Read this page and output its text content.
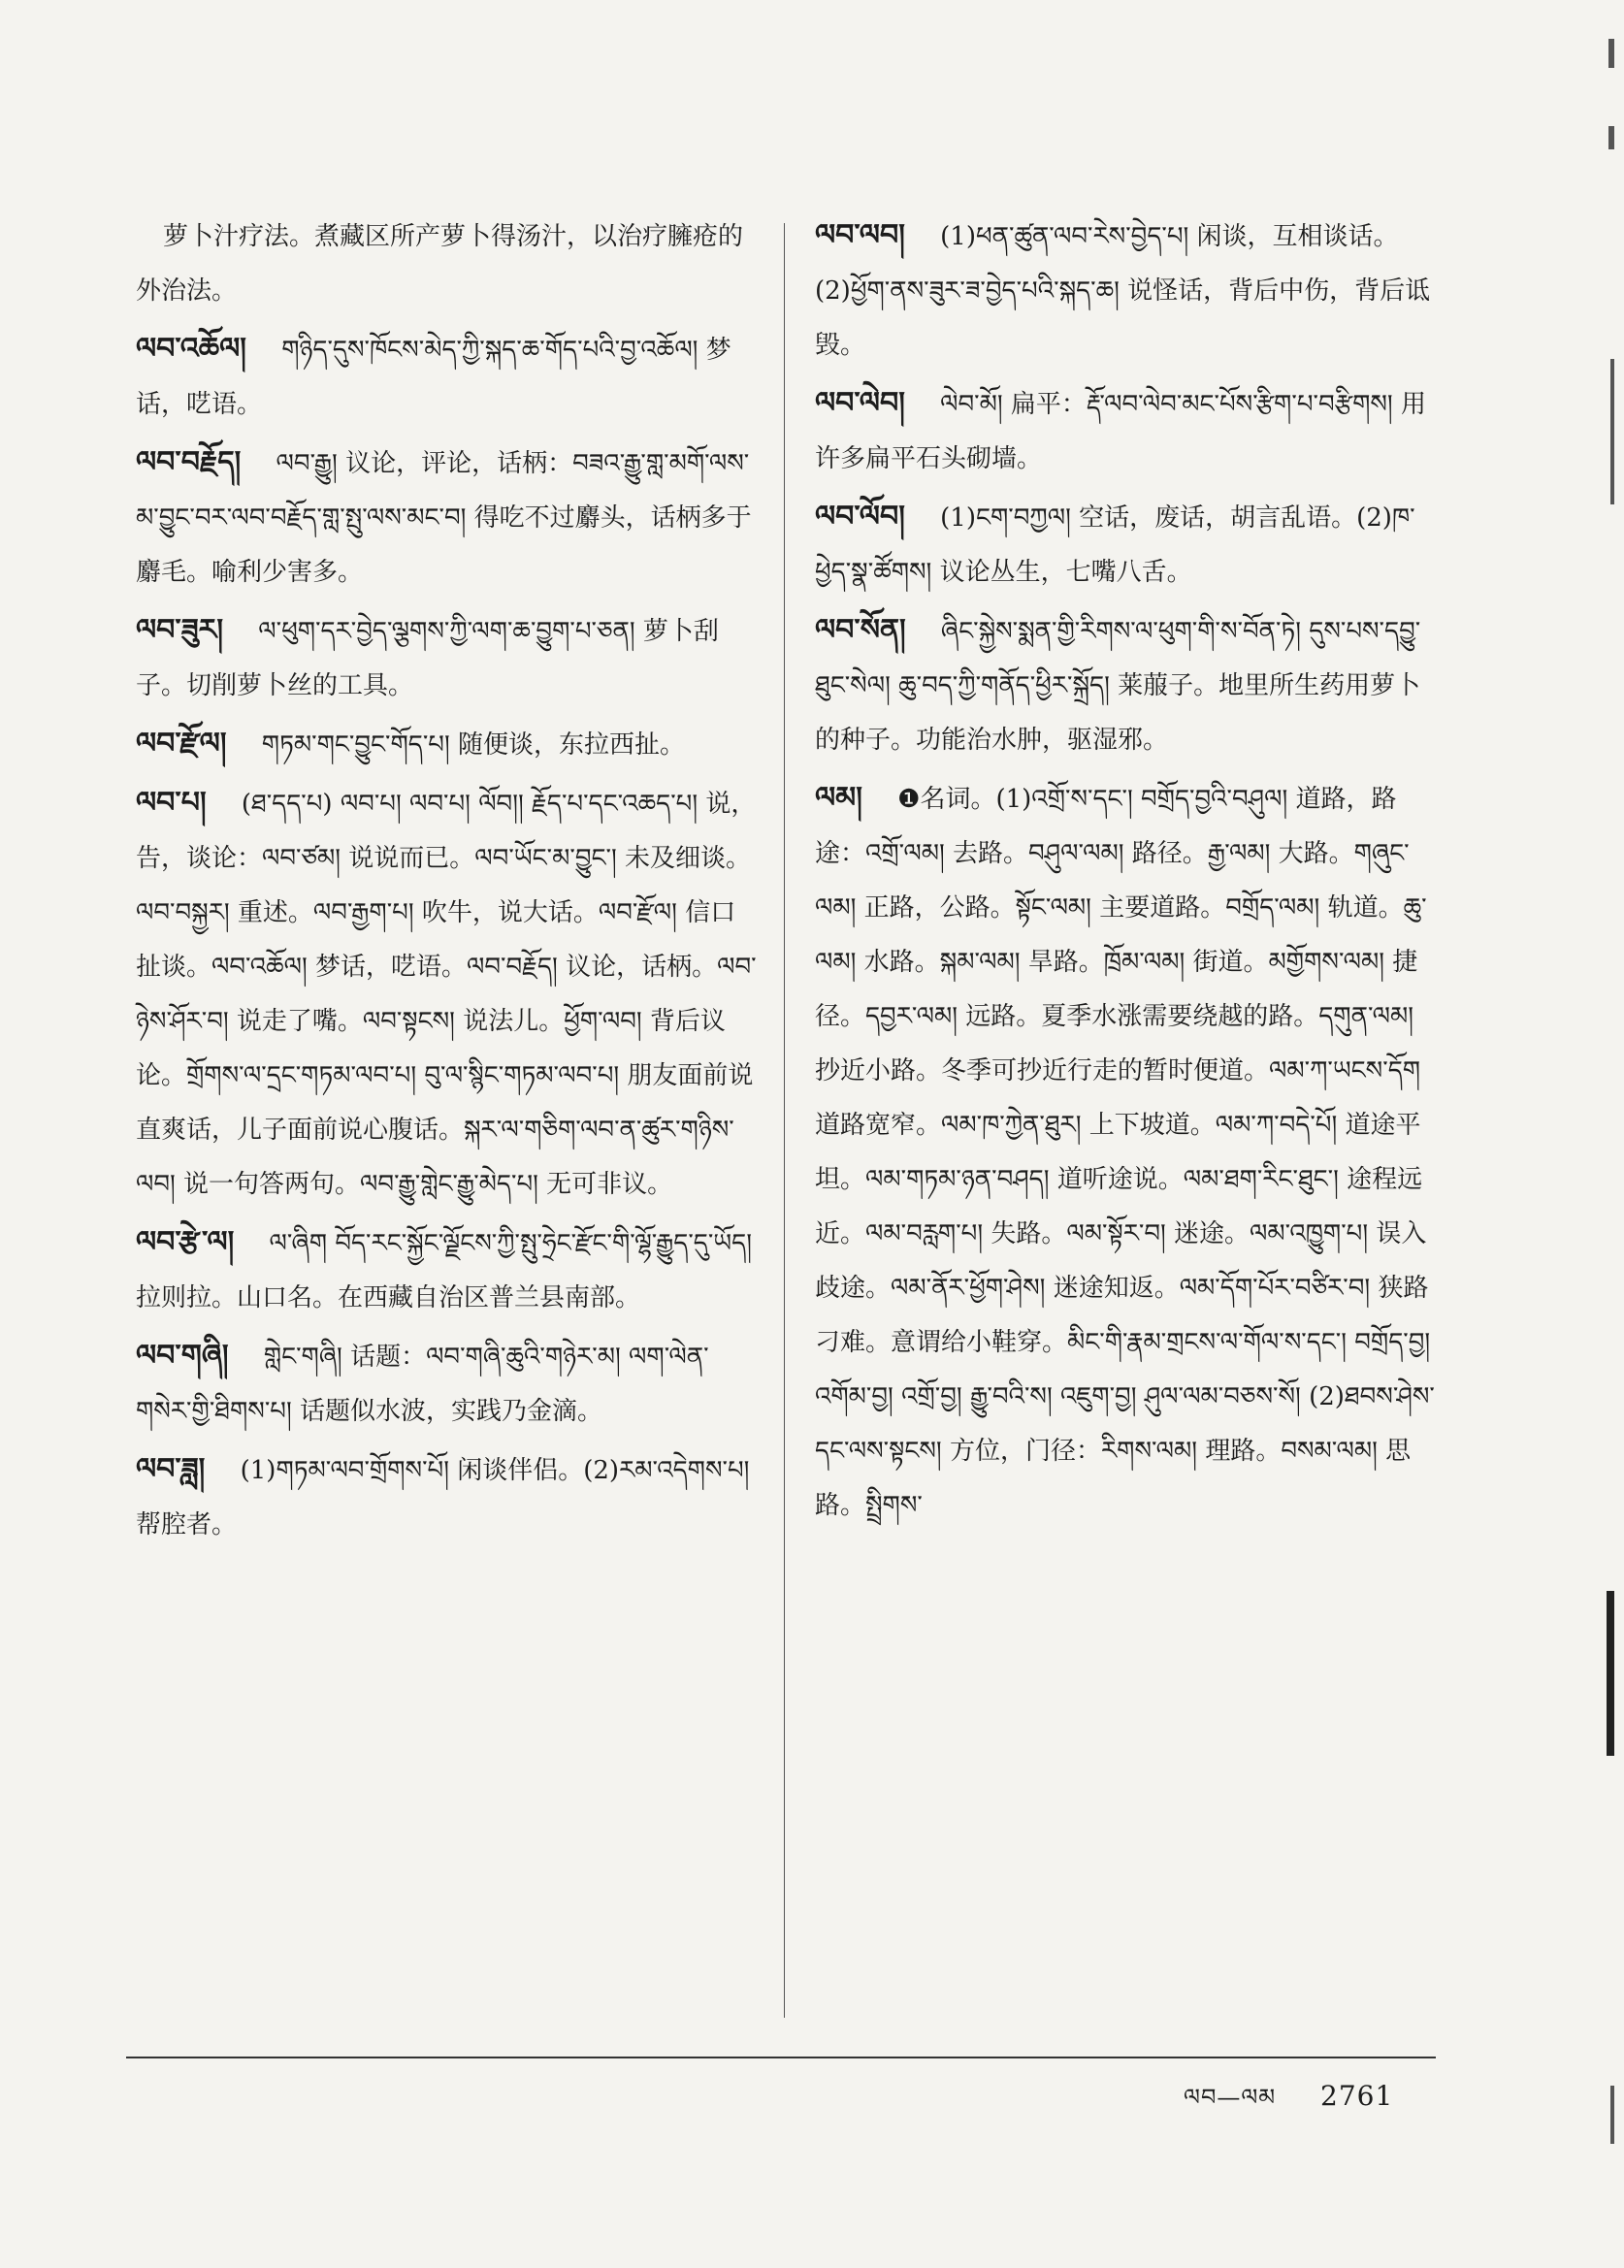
萝卜汁疗法。煮藏区所产萝卜得汤汁，以治疗臃疮的外治法。
ལབ་འཆོལ། གཉིད་དུས་ཁོངས་མེད་ཀྱི་སྐད་ཆ་གོད་པའི་བྱ་འཆོལ། 梦话，呓语。
ལབ་བརྗོད། ལབ་རྒྱུ། 议论，评论，话柄：བཟའ་རྒྱུ་གླ་མགོ་ལས་མ་བྱུང་བར་ལབ་བརྗོད་གླ་སྤུ་ལས་མང་བ། 得吃不过麝头，话柄多于麝毛。喻利少害多。
ལབ་ཟུར། ལ་ཕུག་དར་བྱེད་ལྕགས་ཀྱི་ལག་ཆ་བྱུག་པ་ཅན། 萝卜刮子。切削萝卜丝的工具。
ལབ་རྫོལ། གཏམ་གང་བྱུང་གོད་པ། 随便谈，东拉西扯。
ལབ་པ། (ཐ་དད་པ) ལབ་པ། ལབ་པ། ལོབ།། རྗོད་པ་དང་འཆད་པ། 说，告，谈论：ལབ་ཙམ། 说说而已。ལབ་ཡོང་མ་བྱུང་། 未及细谈。ལབ་བསྐྱར། 重述。ལབ་རྒྱག་པ། 吹牛，说大话。ལབ་རྫོལ། 信口扯谈。ལབ་འཆོལ། 梦话，呓语。ལབ་བརྗོད། 议论，话柄。ལབ་ཉེས་ཤོར་བ། 说走了嘴。ལབ་སྟངས། 说法儿。ཕྱོག་ལབ། 背后议论。གྲོགས་ལ་དྲང་གཏམ་ལབ་པ། བུ་ལ་སྙིང་གཏམ་ལབ་པ། 朋友面前说直爽话，儿子面前说心腹话。སྐར་ལ་གཅིག་ལབ་ན་ཚུར་གཉིས་ལབ། 说一句答两句。ལབ་རྒྱུ་གླེང་རྒྱུ་མེད་པ། 无可非议。
ལབ་རྩེ་ལ། ལ་ཞིག བོད་རང་སྐྱོང་ལྗོངས་ཀྱི་སྤུ་ཧྲེང་རྫོང་གི་ལྷོ་རྒྱུད་དུ་ཡོད། 拉则拉。山口名。在西藏自治区普兰县南部。
ལབ་གཞི། གླེང་གཞི། 话题：ལབ་གཞི་ཆུའི་གཉེར་མ། ལག་ལེན་གསེར་གྱི་ཐིགས་པ། 话题似水波，实践乃金滴。
ལབ་ཟླ། (1)གཏམ་ལབ་གྲོགས་པོ། 闲谈伴侣。(2)རམ་འདེགས་པ། 帮腔者。
ལབ་ལབ། (1)ཕན་ཚུན་ལབ་རེས་བྱེད་པ། 闲谈，互相谈话。(2)ཕྱོག་ནས་ཟུར་ཟ་བྱེད་པའི་སྐད་ཆ། 说怪话，背后中伤，背后诋毁。
ལབ་ལེབ། ལེབ་མོ། 扁平：རྡོ་ལབ་ལེབ་མང་པོས་རྩིག་པ་བརྩིགས། 用许多扁平石头砌墙。
ལབ་ལོབ། (1)ངག་བཀྱལ། 空话，废话，胡言乱语。(2)ཁ་ཕྱེད་སྣ་ཚོགས། 议论丛生，七嘴八舌。
ལབ་སོན། ཞིང་སྐྱེས་སྨན་གྱི་རིགས་ལ་ཕུག་གི་ས་བོན་ཏེ། དུས་པས་དབྱུ་ཐུང་སེལ། ཆུ་བད་ཀྱི་གནོད་ཕྱིར་སྐྲོད། 莱菔子。地里所生药用萝卜的种子。功能治水肿，驱湿邪。
ལམ། ❶名词。(1)འགྲོ་ས་དང་། བགྲོད་བྱའི་བཤུལ། 道路，路途：འགྲོ་ལམ། 去路。བཤུལ་ལམ། 路径。རྒྱ་ལམ། 大路。གཞུང་ལམ། 正路，公路。སྟོང་ལམ། 主要道路。བགྲོད་ལམ། 轨道。ཆུ་ལམ། 水路。སྐམ་ལམ། 旱路。ཁྲོམ་ལམ། 街道。མགྱོགས་ལམ། 捷径。དབྱར་ལམ། 远路。夏季水涨需要绕越的路。དགུན་ལམ། 抄近小路。冬季可抄近行走的暂时便道。ལམ་ཀ་ཡངས་དོག 道路宽窄。ལམ་ཁ་ཀྱེན་ཐུར། 上下坡道。ལམ་ཀ་བདེ་པོ། 道途平坦。ལམ་གཏམ་ཉན་བཤད། 道听途说。ལམ་ཐག་རིང་ཐུང་། 途程远近。ལམ་བརླག་པ། 失路。ལམ་སྟོར་བ། 迷途。ལམ་འཁྱུག་པ། 误入歧途。ལམ་ནོར་ཕྱོག་ཤེས། 迷途知返。ལམ་དོག་པོར་བཙིར་བ། 狭路刁难。意谓给小鞋穿。མིང་གི་རྣམ་གྲངས་ལ་གོལ་ས་དང་། བགྲོད་བྱ། འགོམ་བྱ། འགྲོ་བྱ། རྒྱུ་བའི་ས། འཇུག་བྱ། ཤུལ་ལམ་བཅས་སོ། (2)ཐབས་ཤེས་དང་ལས་སྟངས། 方位，门径：རིགས་ལམ། 理路。བསམ་ལམ། 思路。སྤྲིགས་
ལབ—ལམ 2761
